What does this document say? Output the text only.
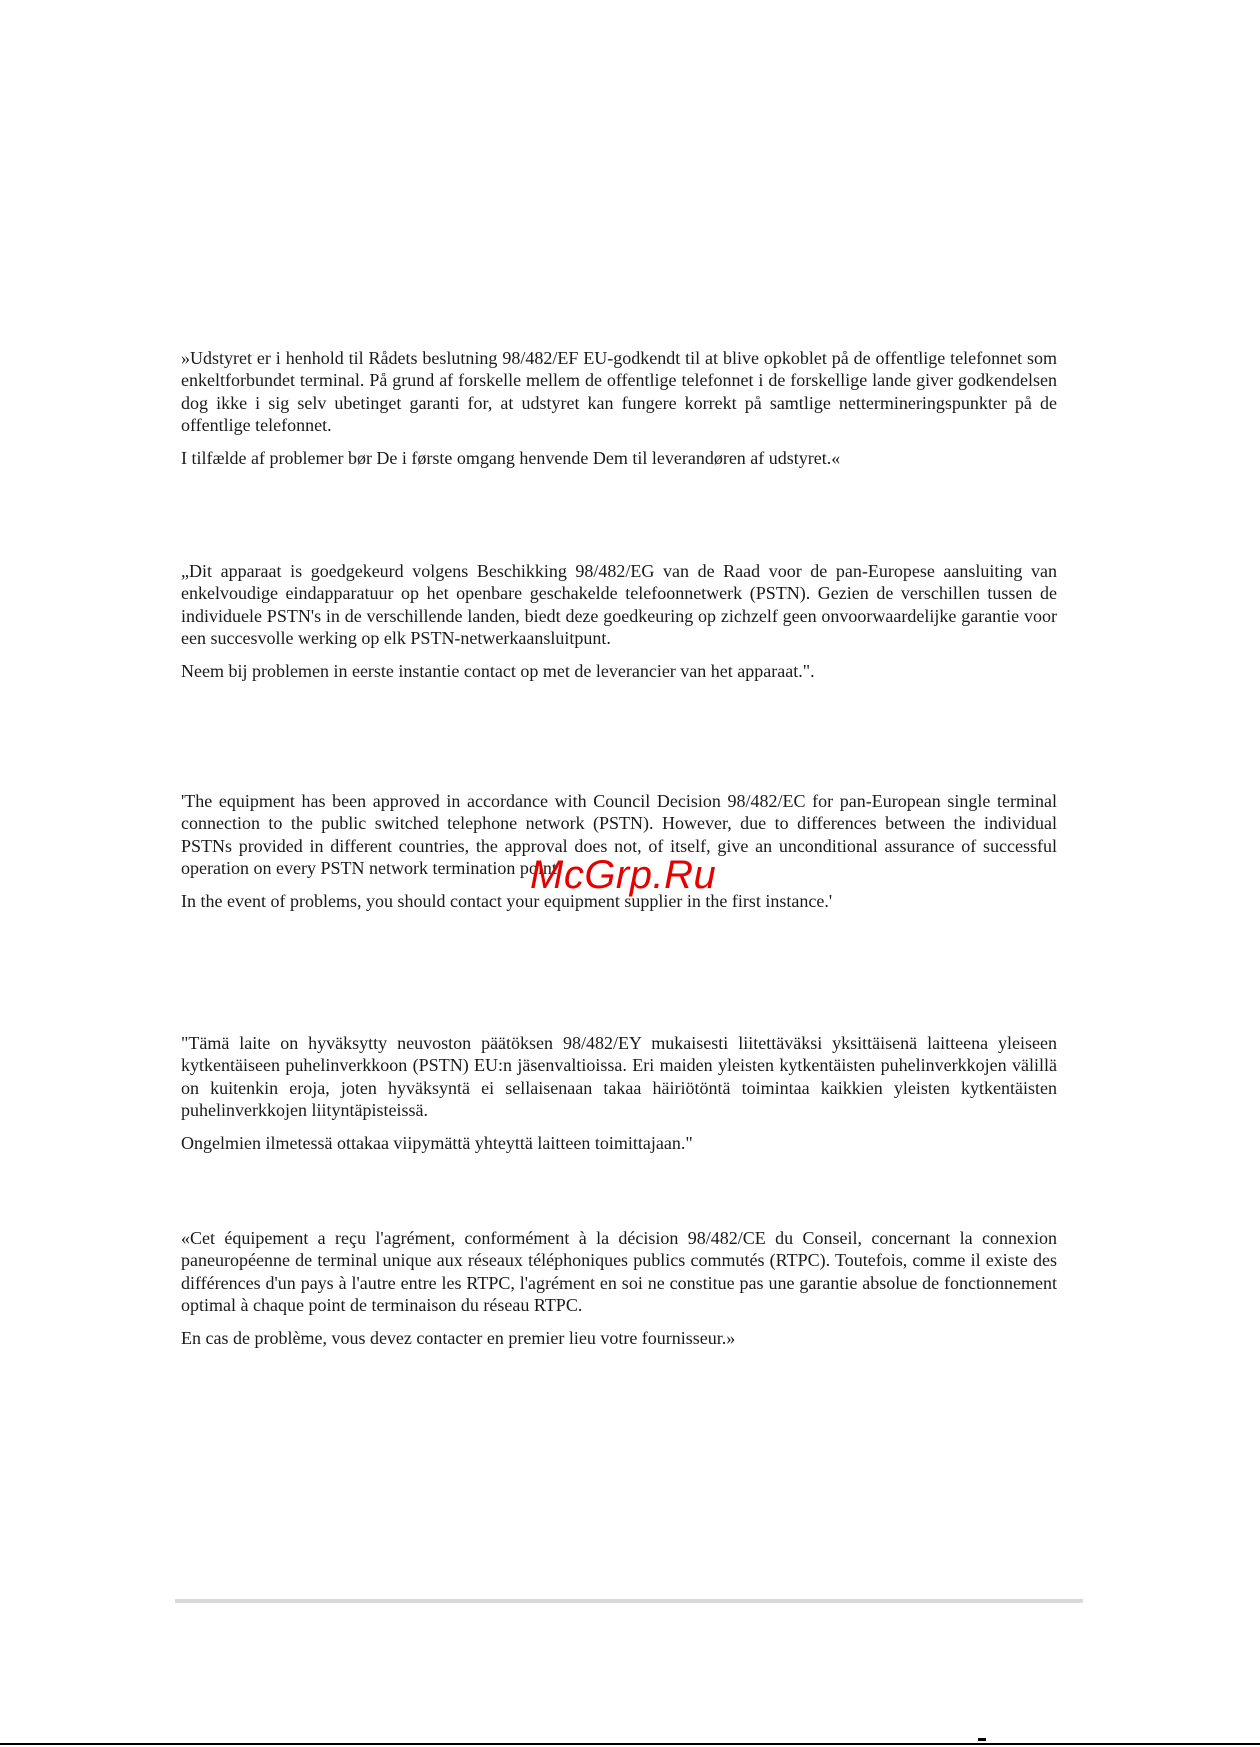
»Udstyret er i henhold til Rådets beslutning 98/482/EF EU-godkendt til at blive opkoblet på de offentlige telefonnet som enkeltforbundet terminal. På grund af forskelle mellem de offentlige telefonnet i de forskellige lande giver godkendelsen dog ikke i sig selv ubetinget garanti for, at udstyret kan fungere korrekt på samtlige nettermineringspunkter på de offentlige telefonnet.

I tilfælde af problemer bør De i første omgang henvende Dem til leverandøren af udstyret.«

„Dit apparaat is goedgekeurd volgens Beschikking 98/482/EG van de Raad voor de pan-Europese aansluiting van enkelvoudige eindapparatuur op het openbare geschakelde telefoonnetwerk (PSTN). Gezien de verschillen tussen de individuele PSTN's in de verschillende landen, biedt deze goedkeuring op zichzelf geen onvoorwaardelijke garantie voor een succesvolle werking op elk PSTN-netwerkaansluitpunt.

Neem bij problemen in eerste instantie contact op met de leverancier van het apparaat.".

'The equipment has been approved in accordance with Council Decision 98/482/EC for pan-European single terminal connection to the public switched telephone network (PSTN). However, due to differences between the individual PSTNs provided in different countries, the approval does not, of itself, give an unconditional assurance of successful operation on every PSTN network termination point.

In the event of problems, you should contact your equipment supplier in the first instance.'

"Tämä laite on hyväksytty neuvoston päätöksen 98/482/EY mukaisesti liitettäväksi yksittäisenä laitteena yleiseen kytkentäiseen puhelinverkkoon (PSTN) EU:n jäsenvaltioissa. Eri maiden yleisten kytkentäisten puhelinverkkojen välillä on kuitenkin eroja, joten hyväksyntä ei sellaisenaan takaa häiriötöntä toimintaa kaikkien yleisten kytkentäisten puhelinverkkojen liityntäpisteissä.

Ongelmien ilmetessä ottakaa viipymättä yhteyttä laitteen toimittajaan."

«Cet équipement a reçu l'agrément, conformément à la décision 98/482/CE du Conseil, concernant la connexion paneuropéenne de terminal unique aux réseaux téléphoniques publics commutés (RTPC). Toutefois, comme il existe des différences d'un pays à l'autre entre les RTPC, l'agrément en soi ne constitue pas une garantie absolue de fonctionnement optimal à chaque point de terminaison du réseau RTPC.

En cas de problème, vous devez contacter en premier lieu votre fournisseur.»

McGrp.Ru
